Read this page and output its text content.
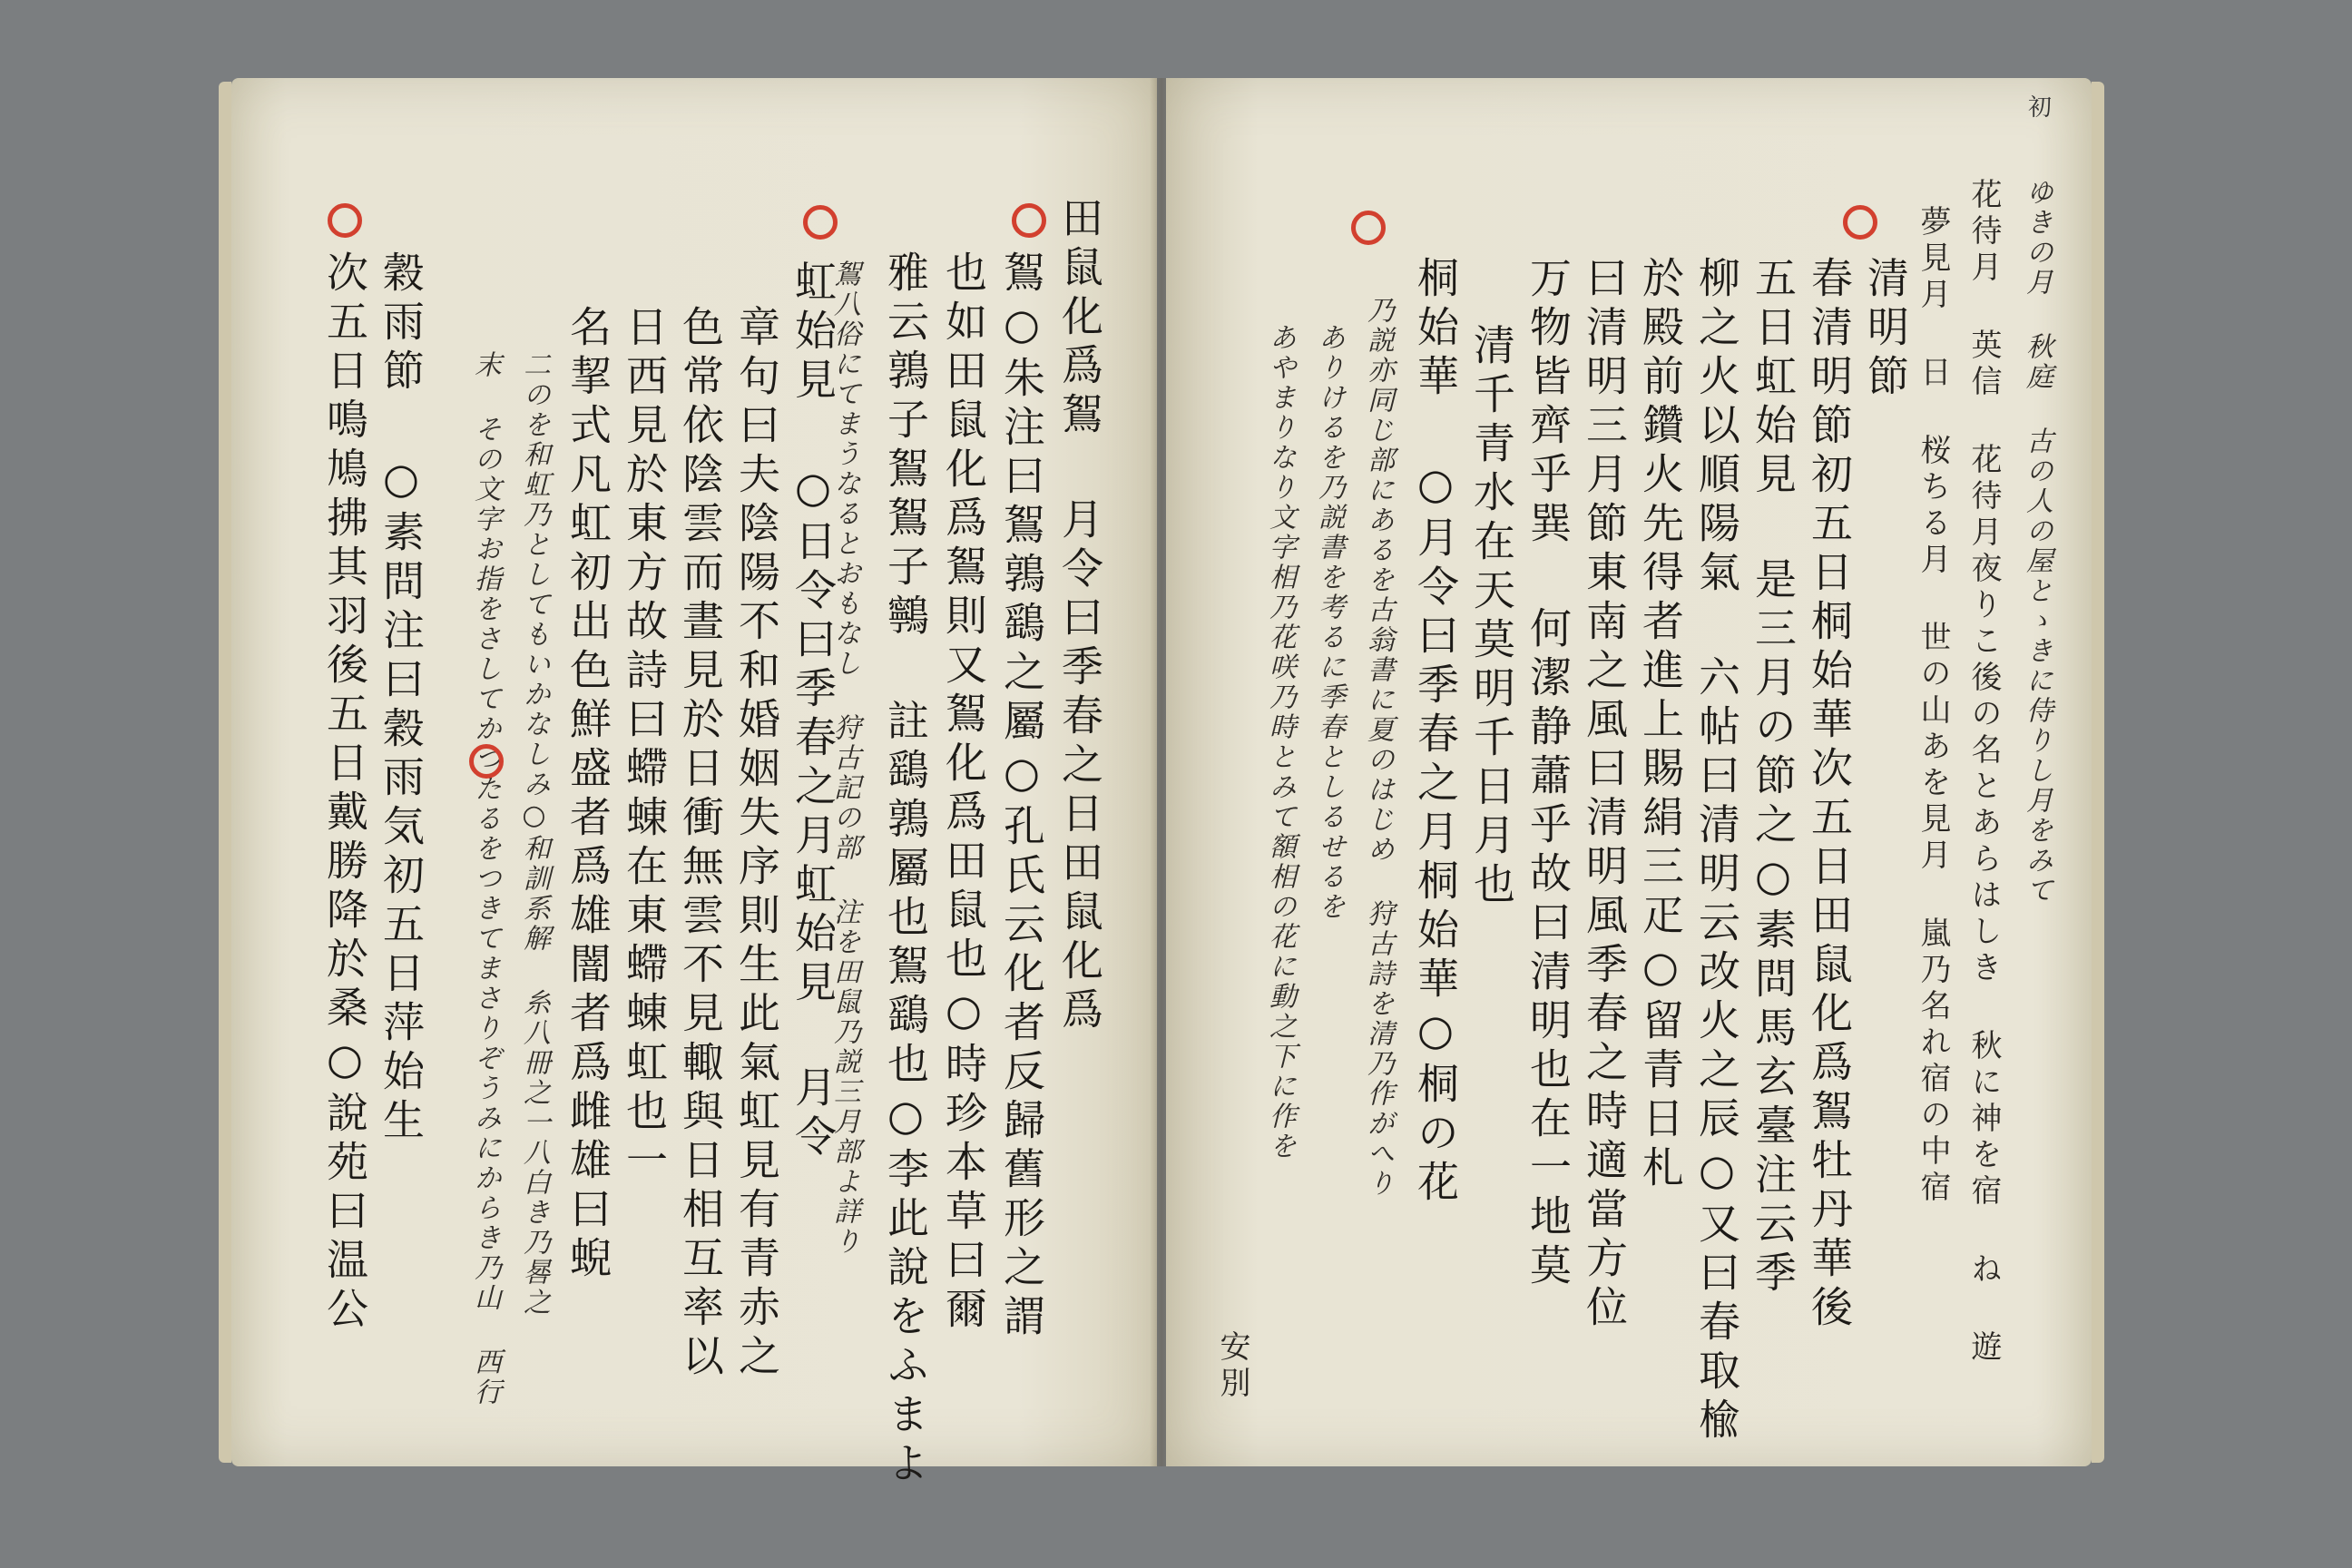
田鼠化爲鴽 月令曰季春之日田鼠化爲
鴽○朱注曰鴽鶉鷂之屬○孔氏云化者反歸舊形之謂
也如田鼠化爲鴽則又鴽化爲田鼠也○時珍本草曰爾
雅云鶉子鴽鴽子鸋 註鷂鶉屬也鴽鷂也○李此說をふまよ
鴽八俗にてまうなるとおもなし 狩古記の部 注を田鼠乃説三月部よ詳り
虹始見 ○日令曰季春之月虹始見 月令
章句曰夫陰陽不和婚姻失序則生此氣虹見有青赤之
色常依陰雲而晝見於日衝無雲不見輙與日相互率以
日西見於東方故詩曰螮蝀在東螮蝀虹也一
名挈式凡虹初出色鮮盛者爲雄闇者爲雌雄曰蜺
二のを和虹乃としてもいかなしみ○和訓系解 糸八冊之一八白き乃晷之
末 その文字お指をさしてかつたるをつきてまさりぞうみにからき乃山 西行
穀雨節 ○素問注曰穀雨気初五日萍始生
次五日鳴鳩拂其羽後五日戴勝降於桑○說苑曰温公
初
ゆきの月 秋庭 古の人の屋とゝきに侍りし月をみて
花待月 英信 花待月夜りこ後の名とあらはしき 秋に神を宿 ね 遊
夢見月 日 桜ちる月 世の山あを見月 嵐乃名れ宿の中宿
清明節
春清明節初五日桐始華次五日田鼠化爲鴽牡丹華後
五日虹始見 是三月の節之○素問馬玄臺注云季
柳之火以順陽氣 六帖曰清明云改火之辰○又曰春取楡
於殿前鑽火先得者進上賜絹三疋○留青日札
曰清明三月節東南之風曰清明風季春之時適當方位
万物皆齊乎巽 何潔静蕭乎故曰清明也在一地莫
清千青水在天莫明千日月也
桐始華 ○月令曰季春之月桐始華○桐の花
乃説亦同じ部にあるを古翁書に夏のはじめ 狩古詩を清乃作がへり
ありけるを乃説書を考るに季春としるせるを
あやまりなり文字相乃花咲乃時とみて額相の花に動之下に作を
安別
